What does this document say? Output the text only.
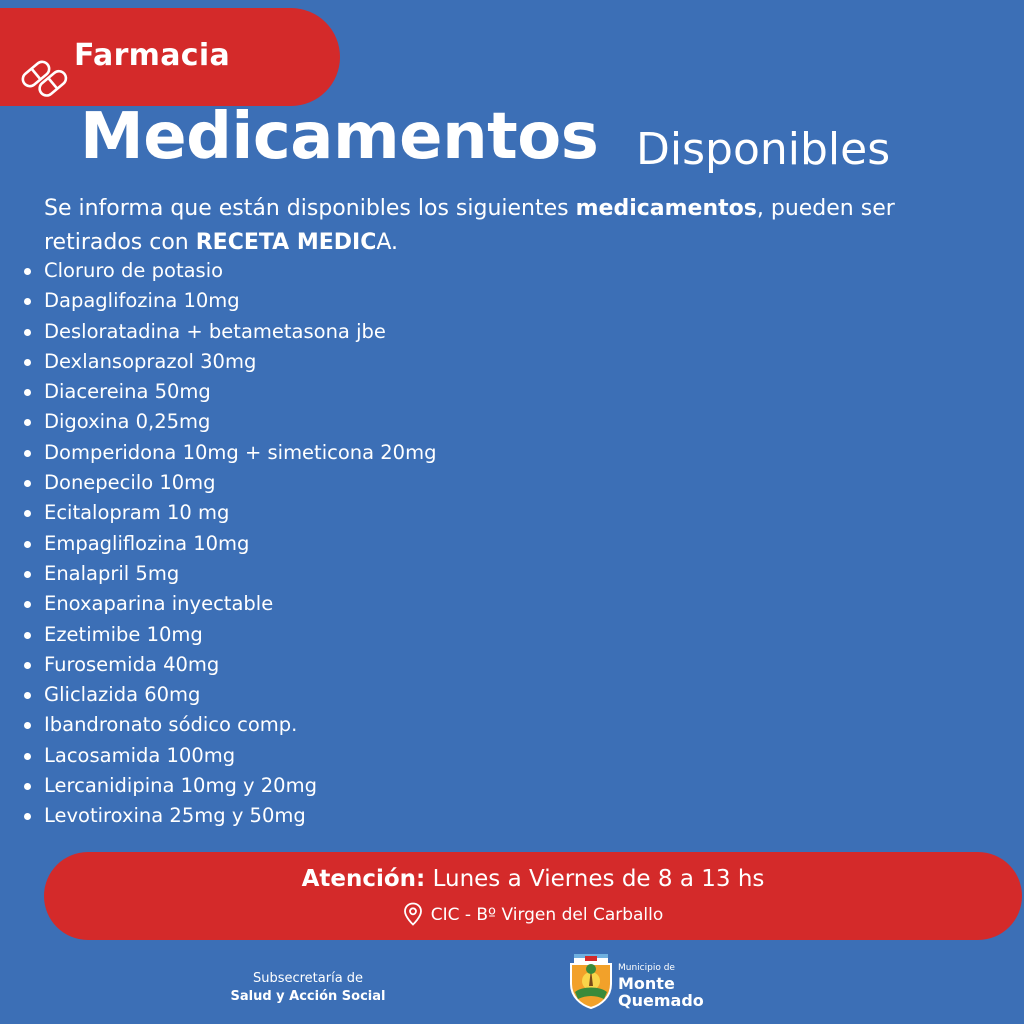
Farmacia
Medicamentos Disponibles
Se informa que están disponibles los siguientes medicamentos, pueden ser retirados con RECETA MEDICA.
Cloruro de potasio
Dapaglifozina 10mg
Desloratadina + betametasona jbe
Dexlansoprazol 30mg
Diacereina 50mg
Digoxina 0,25mg
Domperidona 10mg + simeticona 20mg
Donepecilo 10mg
Ecitalopram 10 mg
Empagliflozina 10mg
Enalapril 5mg
Enoxaparina inyectable
Ezetimibe 10mg
Furosemida 40mg
Gliclazida 60mg
Ibandronato sódico comp.
Lacosamida 100mg
Lercanidipina 10mg y 20mg
Levotiroxina 25mg y 50mg
Atención: Lunes a Viernes de 8 a 13 hs
CIC - Bº Virgen del Carballo
Subsecretaría de
Salud y Acción Social
Municipio de
Monte
Quemado
